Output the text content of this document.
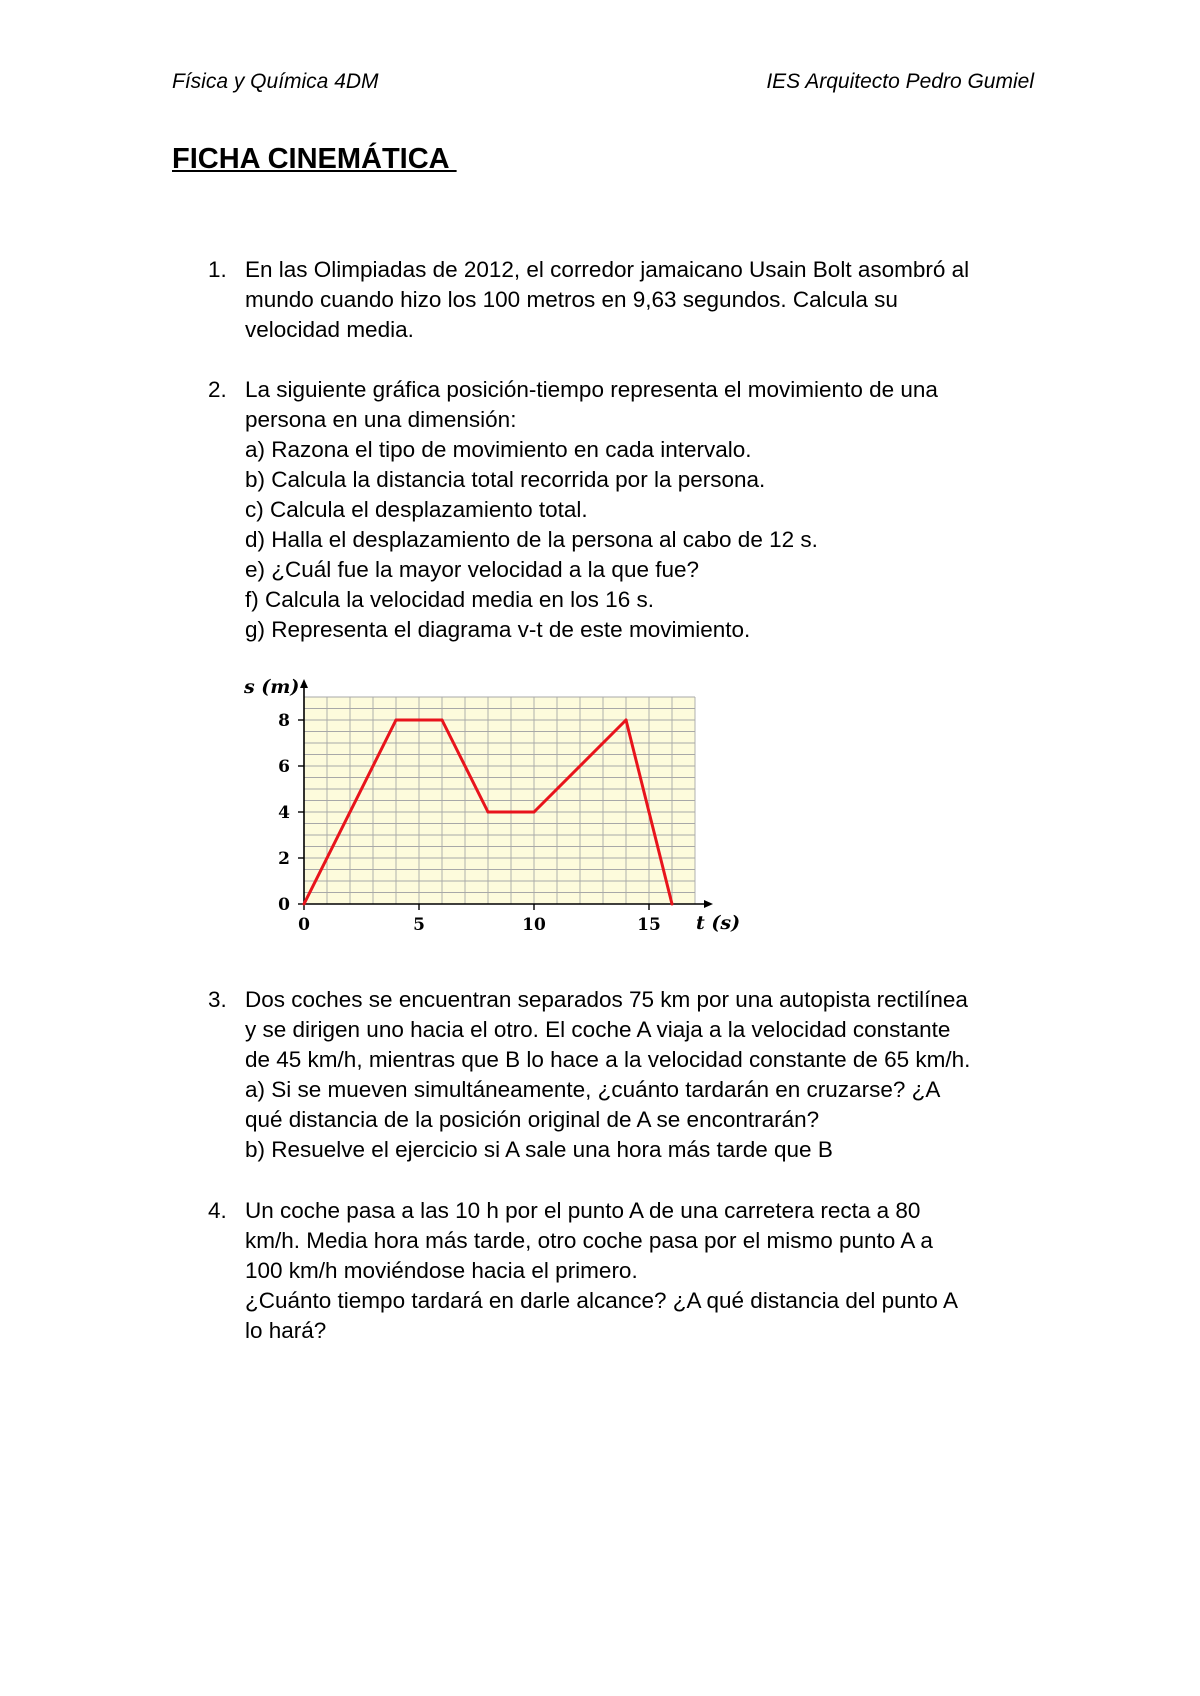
Física y Química 4DM	IES Arquitecto Pedro Gumiel
FICHA CINEMÁTICA
1. En las Olimpiadas de 2012, el corredor jamaicano Usain Bolt asombró al
mundo cuando hizo los 100 metros en 9,63 segundos. Calcula su
velocidad media.
2. La siguiente gráfica posición-tiempo representa el movimiento de una
persona en una dimensión:
a) Razona el tipo de movimiento en cada intervalo.
b) Calcula la distancia total recorrida por la persona.
c) Calcula el desplazamiento total.
d) Halla el desplazamiento de la persona al cabo de 12 s.
e) ¿Cuál fue la mayor velocidad a la que fue?
f) Calcula la velocidad media en los 16 s.
g) Representa el diagrama v-t de este movimiento.
0
2
4
6
8
0	5	10	15
s (m)
t (s)
3. Dos coches se encuentran separados 75 km por una autopista rectilínea
y se dirigen uno hacia el otro. El coche A viaja a la velocidad constante
de 45 km/h, mientras que B lo hace a la velocidad constante de 65 km/h.
a) Si se mueven simultáneamente, ¿cuánto tardarán en cruzarse? ¿A
qué distancia de la posición original de A se encontrarán?
b) Resuelve el ejercicio si A sale una hora más tarde que B
4. Un coche pasa a las 10 h por el punto A de una carretera recta a 80
km/h. Media hora más tarde, otro coche pasa por el mismo punto A a
100 km/h moviéndose hacia el primero.
¿Cuánto tiempo tardará en darle alcance? ¿A qué distancia del punto A
lo hará?
